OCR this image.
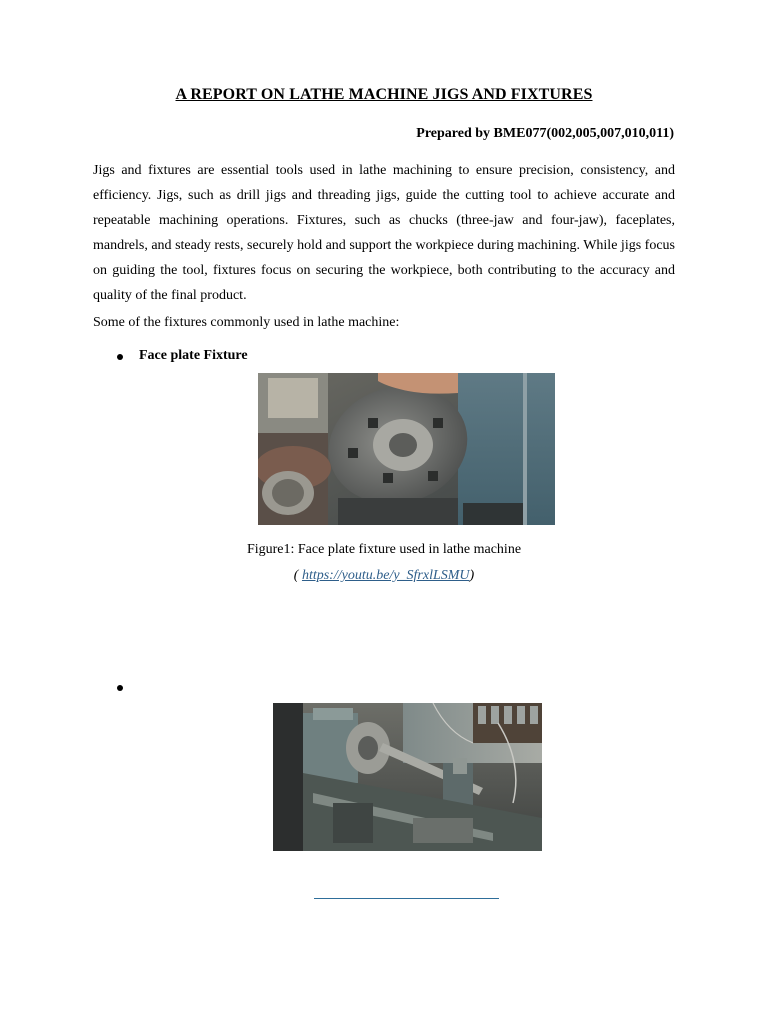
A REPORT ON LATHE MACHINE JIGS AND FIXTURES
Prepared by BME077(002,005,007,010,011)

Jigs and fixtures are essential tools used in lathe machining to ensure precision, consistency, and efficiency. Jigs, such as drill jigs and threading jigs, guide the cutting tool to achieve accurate and repeatable machining operations. Fixtures, such as chucks (three-jaw and four-jaw), faceplates, mandrels, and steady rests, securely hold and support the workpiece during machining. While jigs focus on guiding the tool, fixtures focus on securing the workpiece, both contributing to the accuracy and quality of the final product.

Some of the fixtures commonly used in lathe machine:
Face plate Fixture
Figure1: Face plate fixture used in lathe machine
( https://youtu.be/y_SfrxlLSMU)
